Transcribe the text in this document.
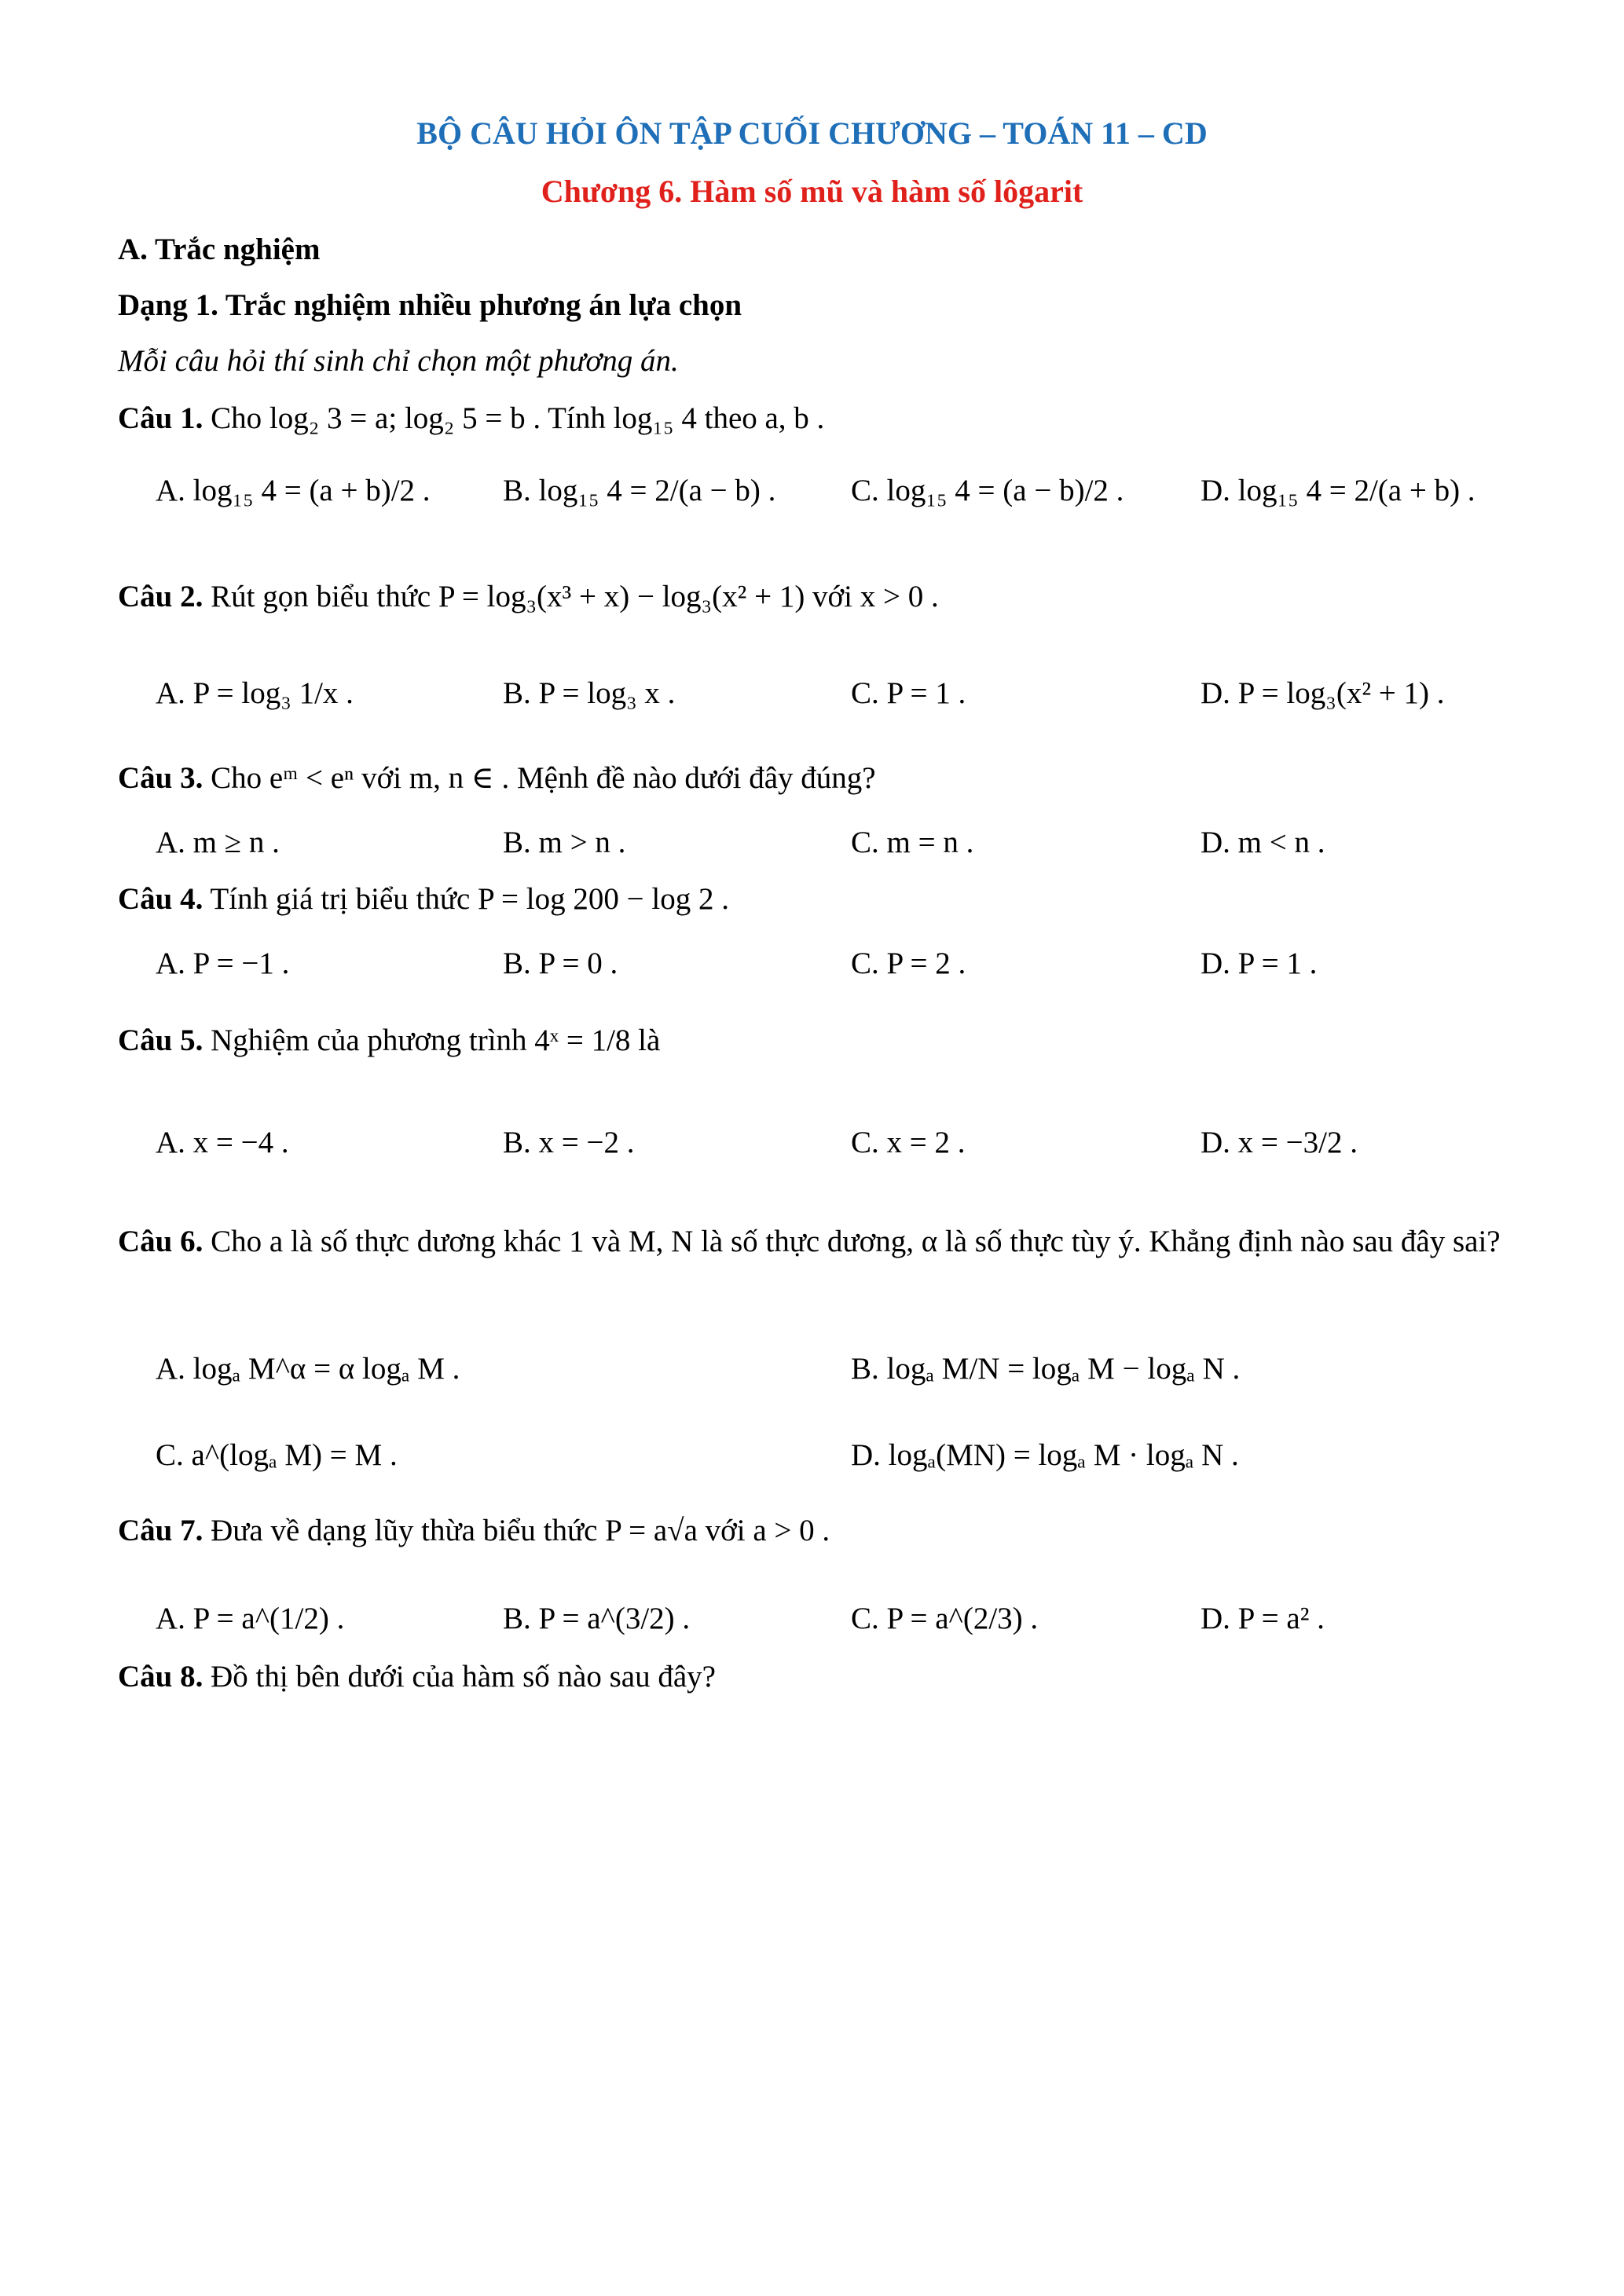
BỘ CÂU HỎI ÔN TẬP CUỐI CHƯƠNG – TOÁN 11 – CD
Chương 6. Hàm số mũ và hàm số lôgarit
A. Trắc nghiệm
Dạng 1. Trắc nghiệm nhiều phương án lựa chọn
Mỗi câu hỏi thí sinh chỉ chọn một phương án.
Câu 1. Cho log₂ 3 = a; log₂ 5 = b . Tính log₁₅ 4 theo a, b .
A. log₁₅ 4 = (a + b)/2 . B. log₁₅ 4 = 2/(a − b) . C. log₁₅ 4 = (a − b)/2 .	D. log₁₅ 4 = 2/(a + b) .
Câu 2. Rút gọn biểu thức P = log₃(x³ + x) − log₃(x² + 1) với x > 0 .
A. P = log₃ 1/x .	B. P = log₃ x .	C. P = 1 .	D. P = log₃(x² + 1) .
Câu 3. Cho eᵐ < eⁿ với m, n ∈ . Mệnh đề nào dưới đây đúng?
A. m ≥ n .	B. m > n .	C. m = n .	D. m < n .
Câu 4. Tính giá trị biểu thức P = log 200 − log 2 .
A. P = −1 .	B. P = 0 .	C. P = 2 .	D. P = 1 .
Câu 5. Nghiệm của phương trình 4ˣ = 1/8 là
A. x = −4 .	B. x = −2 .	C. x = 2 .	D. x = −3/2 .
Câu 6. Cho a là số thực dương khác 1 và M, N là số thực dương, α là số thực tùy ý. Khẳng định nào sau đây sai?
A. logₐ M^α = α logₐ M .	B. logₐ M/N = logₐ M − logₐ N .
C. a^(logₐ M) = M .	D. logₐ(MN) = logₐ M · logₐ N .
Câu 7. Đưa về dạng lũy thừa biểu thức P = a√a với a > 0 .
A. P = a^(1/2) .	B. P = a^(3/2) .	C. P = a^(2/3) .	D. P = a² .
Câu 8. Đồ thị bên dưới của hàm số nào sau đây?
